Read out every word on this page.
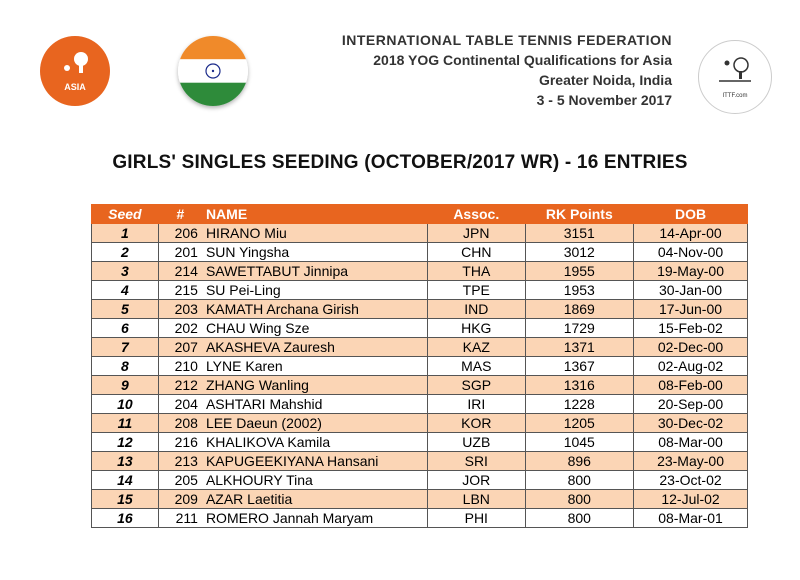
ASIA
INTERNATIONAL TABLE TENNIS FEDERATION
2018 YOG Continental Qualifications for Asia
Greater Noida, India
3 - 5 November 2017	ITTF.com
GIRLS' SINGLES SEEDING (OCTOBER/2017 WR) - 16 ENTRIES
Seed	#	NAME	Assoc.	RK Points	DOB
1	206	HIRANO Miu	JPN	3151	14-Apr-00
2	201	SUN Yingsha	CHN	3012	04-Nov-00
3	214	SAWETTABUT Jinnipa	THA	1955	19-May-00
4	215	SU Pei-Ling	TPE	1953	30-Jan-00
5	203	KAMATH Archana Girish	IND	1869	17-Jun-00
6	202	CHAU Wing Sze	HKG	1729	15-Feb-02
7	207	AKASHEVA Zauresh	KAZ	1371	02-Dec-00
8	210	LYNE Karen	MAS	1367	02-Aug-02
9	212	ZHANG Wanling	SGP	1316	08-Feb-00
10	204	ASHTARI Mahshid	IRI	1228	20-Sep-00
11	208	LEE Daeun (2002)	KOR	1205	30-Dec-02
12	216	KHALIKOVA Kamila	UZB	1045	08-Mar-00
13	213	KAPUGEEKIYANA Hansani	SRI	896	23-May-00
14	205	ALKHOURY Tina	JOR	800	23-Oct-02
15	209	AZAR Laetitia	LBN	800	12-Jul-02
16	211	ROMERO Jannah Maryam	PHI	800	08-Mar-01
